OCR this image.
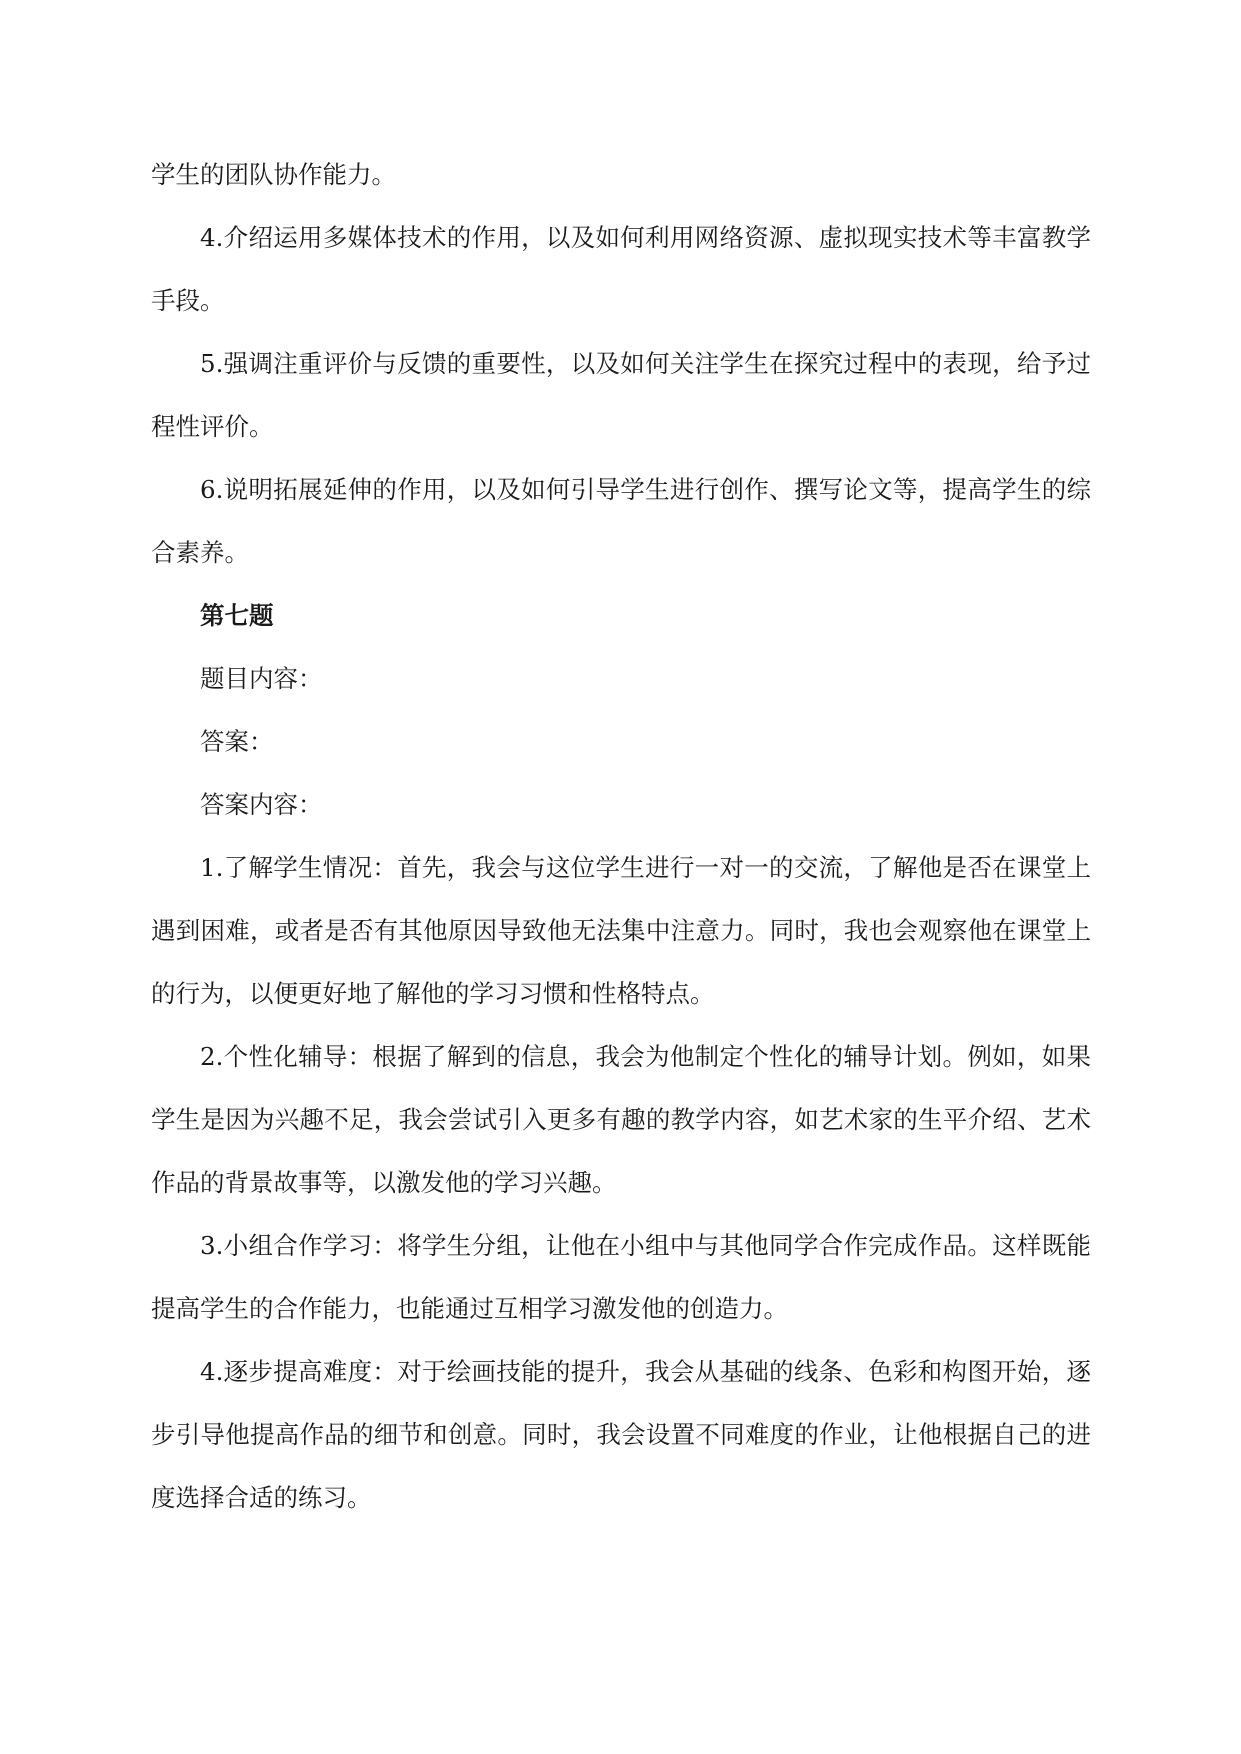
学生的团队协作能力。

4.介绍运用多媒体技术的作用，以及如何利用网络资源、虚拟现实技术等丰富教学手段。

5.强调注重评价与反馈的重要性，以及如何关注学生在探究过程中的表现，给予过程性评价。

6.说明拓展延伸的作用，以及如何引导学生进行创作、撰写论文等，提高学生的综合素养。

第七题

题目内容：

答案：

答案内容：

1.了解学生情况：首先，我会与这位学生进行一对一的交流，了解他是否在课堂上遇到困难，或者是否有其他原因导致他无法集中注意力。同时，我也会观察他在课堂上的行为，以便更好地了解他的学习习惯和性格特点。

2.个性化辅导：根据了解到的信息，我会为他制定个性化的辅导计划。例如，如果学生是因为兴趣不足，我会尝试引入更多有趣的教学内容，如艺术家的生平介绍、艺术作品的背景故事等，以激发他的学习兴趣。

3.小组合作学习：将学生分组，让他在小组中与其他同学合作完成作品。这样既能提高学生的合作能力，也能通过互相学习激发他的创造力。

4.逐步提高难度：对于绘画技能的提升，我会从基础的线条、色彩和构图开始，逐步引导他提高作品的细节和创意。同时，我会设置不同难度的作业，让他根据自己的进度选择合适的练习。
